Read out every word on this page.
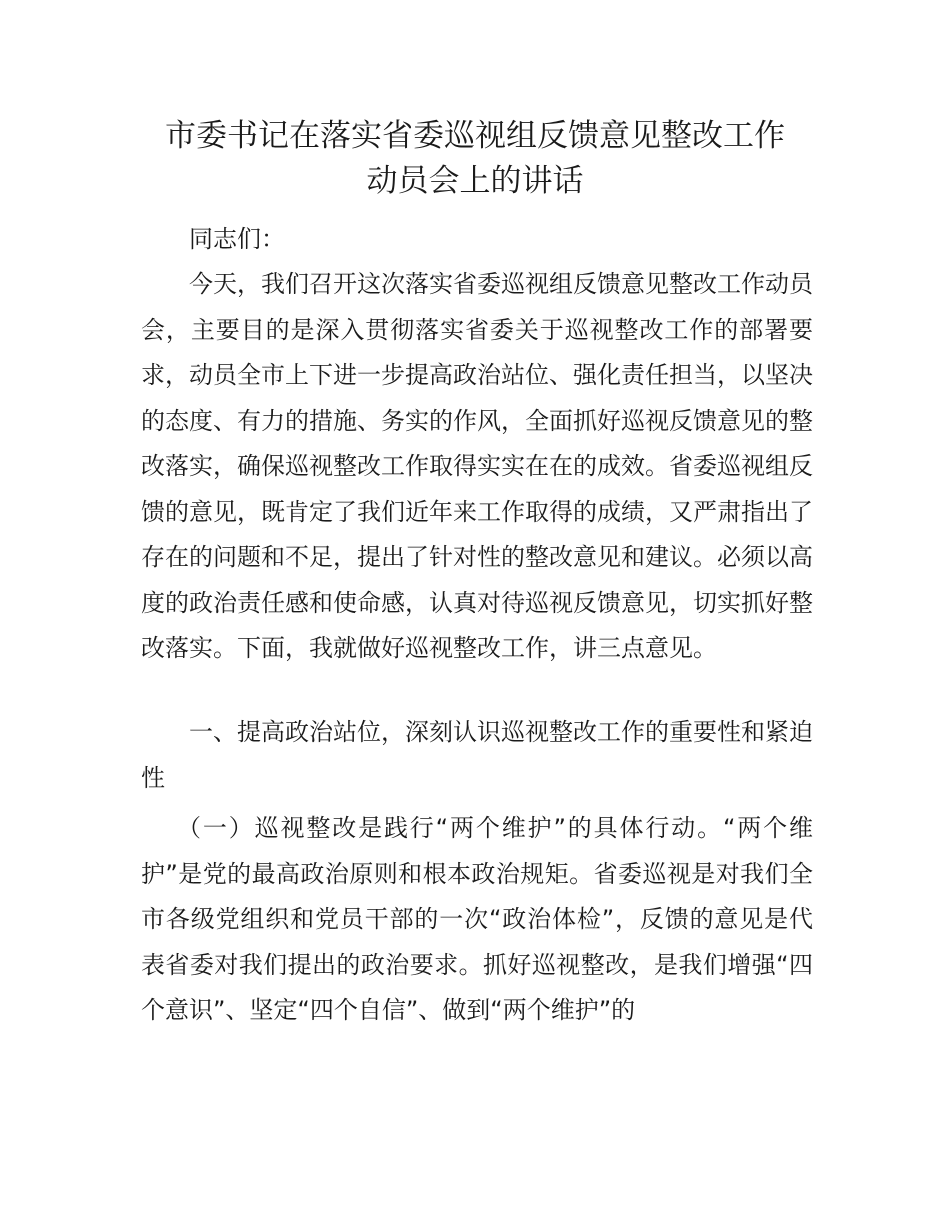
市委书记在落实省委巡视组反馈意见整改工作
动员会上的讲话

同志们：

今天，我们召开这次落实省委巡视组反馈意见整改工作动员会，主要目的是深入贯彻落实省委关于巡视整改工作的部署要求，动员全市上下进一步提高政治站位、强化责任担当，以坚决的态度、有力的措施、务实的作风，全面抓好巡视反馈意见的整改落实，确保巡视整改工作取得实实在在的成效。省委巡视组反馈的意见，既肯定了我们近年来工作取得的成绩，又严肃指出了存在的问题和不足，提出了针对性的整改意见和建议。必须以高度的政治责任感和使命感，认真对待巡视反馈意见，切实抓好整改落实。下面，我就做好巡视整改工作，讲三点意见。

一、提高政治站位，深刻认识巡视整改工作的重要性和紧迫性

（一）巡视整改是践行“两个维护”的具体行动。“两个维护”是党的最高政治原则和根本政治规矩。省委巡视是对我们全市各级党组织和党员干部的一次“政治体检”，反馈的意见是代表省委对我们提出的政治要求。抓好巡视整改，是我们增强“四个意识”、坚定“四个自信”、做到“两个维护”的
